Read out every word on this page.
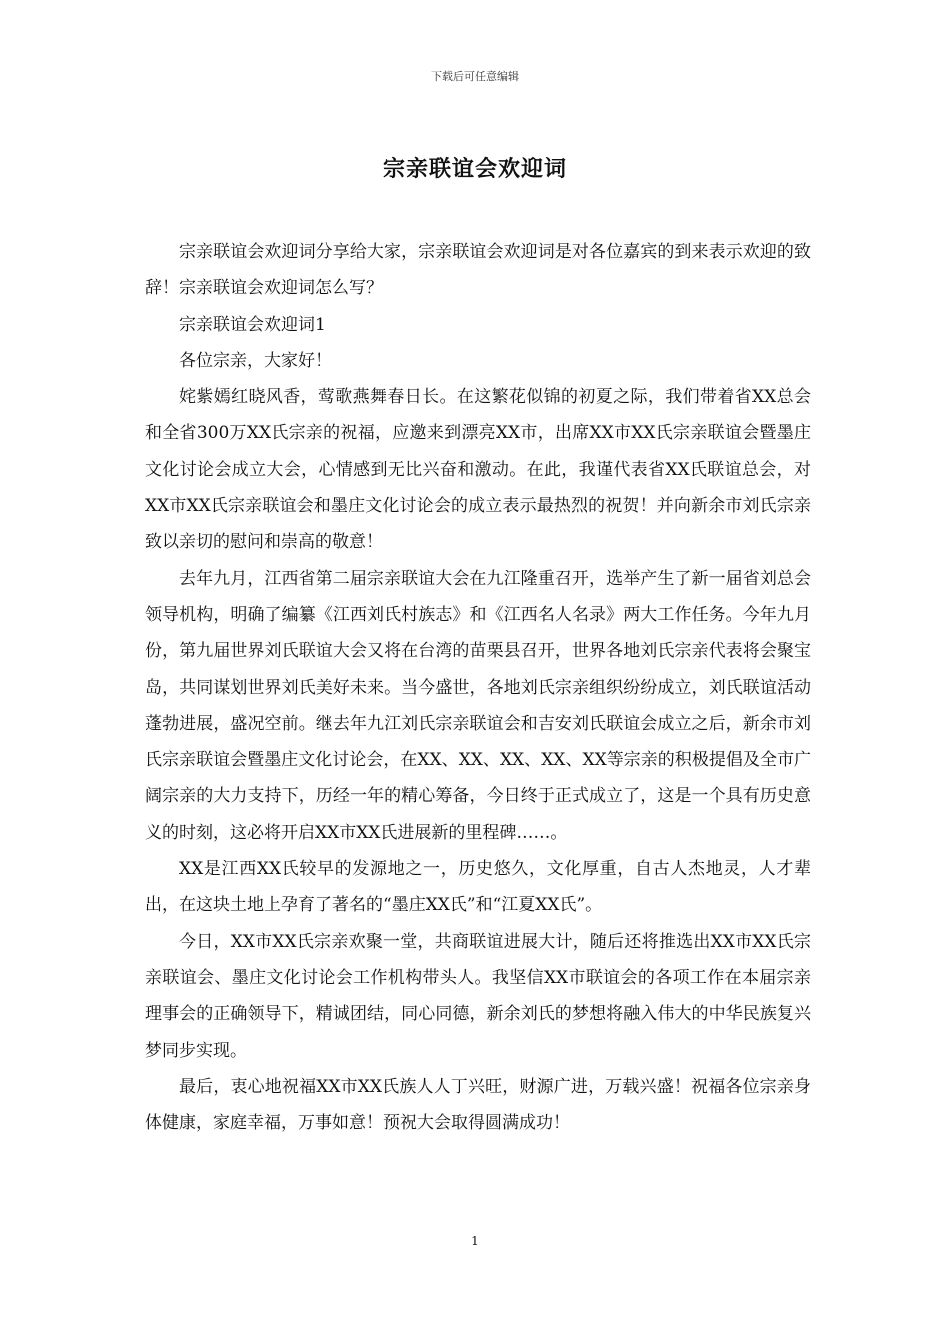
下载后可任意编辑
宗亲联谊会欢迎词

宗亲联谊会欢迎词分享给大家，宗亲联谊会欢迎词是对各位嘉宾的到来表示欢迎的致辞！宗亲联谊会欢迎词怎么写？

宗亲联谊会欢迎词1

各位宗亲，大家好！

姹紫嫣红晓风香，莺歌燕舞春日长。在这繁花似锦的初夏之际，我们带着省XX总会和全省300万XX氏宗亲的祝福，应邀来到漂亮XX市，出席XX市XX氏宗亲联谊会暨墨庄文化讨论会成立大会，心情感到无比兴奋和激动。在此，我谨代表省XX氏联谊总会，对XX市XX氏宗亲联谊会和墨庄文化讨论会的成立表示最热烈的祝贺！并向新余市刘氏宗亲致以亲切的慰问和崇高的敬意！

去年九月，江西省第二届宗亲联谊大会在九江隆重召开，选举产生了新一届省刘总会领导机构，明确了编纂《江西刘氏村族志》和《江西名人名录》两大工作任务。今年九月份，第九届世界刘氏联谊大会又将在台湾的苗栗县召开，世界各地刘氏宗亲代表将会聚宝岛，共同谋划世界刘氏美好未来。当今盛世，各地刘氏宗亲组织纷纷成立，刘氏联谊活动蓬勃进展，盛况空前。继去年九江刘氏宗亲联谊会和吉安刘氏联谊会成立之后，新余市刘氏宗亲联谊会暨墨庄文化讨论会，在XX、XX、XX、XX、XX等宗亲的积极提倡及全市广阔宗亲的大力支持下，历经一年的精心筹备，今日终于正式成立了，这是一个具有历史意义的时刻，这必将开启XX市XX氏进展新的里程碑……。

XX是江西XX氏较早的发源地之一，历史悠久，文化厚重，自古人杰地灵，人才辈出，在这块土地上孕育了著名的“墨庄XX氏”和“江夏XX氏”。

今日，XX市XX氏宗亲欢聚一堂，共商联谊进展大计，随后还将推选出XX市XX氏宗亲联谊会、墨庄文化讨论会工作机构带头人。我坚信XX市联谊会的各项工作在本届宗亲理事会的正确领导下，精诚团结，同心同德，新余刘氏的梦想将融入伟大的中华民族复兴梦同步实现。

最后，衷心地祝福XX市XX氏族人人丁兴旺，财源广进，万载兴盛！祝福各位宗亲身体健康，家庭幸福，万事如意！预祝大会取得圆满成功！

1
